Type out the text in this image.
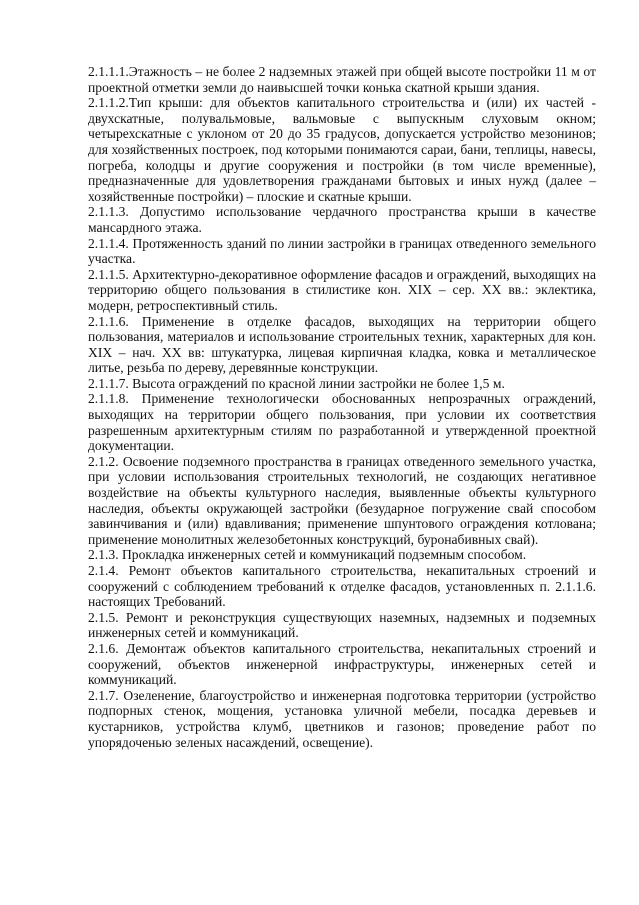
2.1.1.1.Этажность – не более 2 надземных этажей при общей высоте постройки 11 м от проектной отметки земли до наивысшей точки конька скатной крыши здания.

2.1.1.2.Тип крыши: для объектов капитального строительства и (или) их частей - двухскатные, полувальмовые, вальмовые с выпускным слуховым окном; четырехскатные с уклоном от 20 до 35 градусов, допускается устройство мезонинов; для хозяйственных построек, под которыми понимаются сараи, бани, теплицы, навесы, погреба, колодцы и другие сооружения и постройки (в том числе временные), предназначенные для удовлетворения гражданами бытовых и иных нужд (далее – хозяйственные постройки) – плоские и скатные крыши.

2.1.1.3. Допустимо использование чердачного пространства крыши в качестве мансардного этажа.

2.1.1.4. Протяженность зданий по линии застройки в границах отведенного земельного участка.

2.1.1.5. Архитектурно-декоративное оформление фасадов и ограждений, выходящих на территорию общего пользования в стилистике кон. XIX – сер. XX вв.: эклектика, модерн, ретроспективный стиль.

2.1.1.6. Применение в отделке фасадов, выходящих на территории общего пользования, материалов и использование строительных техник, характерных для кон. XIX – нач. XX вв: штукатурка, лицевая кирпичная кладка, ковка и металлическое литье, резьба по дереву, деревянные конструкции.

2.1.1.7. Высота ограждений по красной линии застройки не более 1,5 м.

2.1.1.8. Применение технологически обоснованных непрозрачных ограждений, выходящих на территории общего пользования, при условии их соответствия разрешенным архитектурным стилям по разработанной и утвержденной проектной документации.

2.1.2. Освоение подземного пространства в границах отведенного земельного участка, при условии использования строительных технологий, не создающих негативное воздействие на объекты культурного наследия, выявленные объекты культурного наследия, объекты окружающей застройки (безударное погружение свай способом завинчивания и (или) вдавливания; применение шпунтового ограждения котлована; применение монолитных железобетонных конструкций, буронабивных свай).

2.1.3. Прокладка инженерных сетей и коммуникаций подземным способом.

2.1.4. Ремонт объектов капитального строительства, некапитальных строений и сооружений с соблюдением требований к отделке фасадов, установленных п. 2.1.1.6. настоящих Требований.

2.1.5. Ремонт и реконструкция существующих наземных, надземных и подземных инженерных сетей и коммуникаций.

2.1.6. Демонтаж объектов капитального строительства, некапитальных строений и сооружений, объектов инженерной инфраструктуры, инженерных сетей и коммуникаций.

2.1.7. Озеленение, благоустройство и инженерная подготовка территории (устройство подпорных стенок, мощения, установка уличной мебели, посадка деревьев и кустарников, устройства клумб, цветников и газонов; проведение работ по упорядоченью зеленых насаждений, освещение).
